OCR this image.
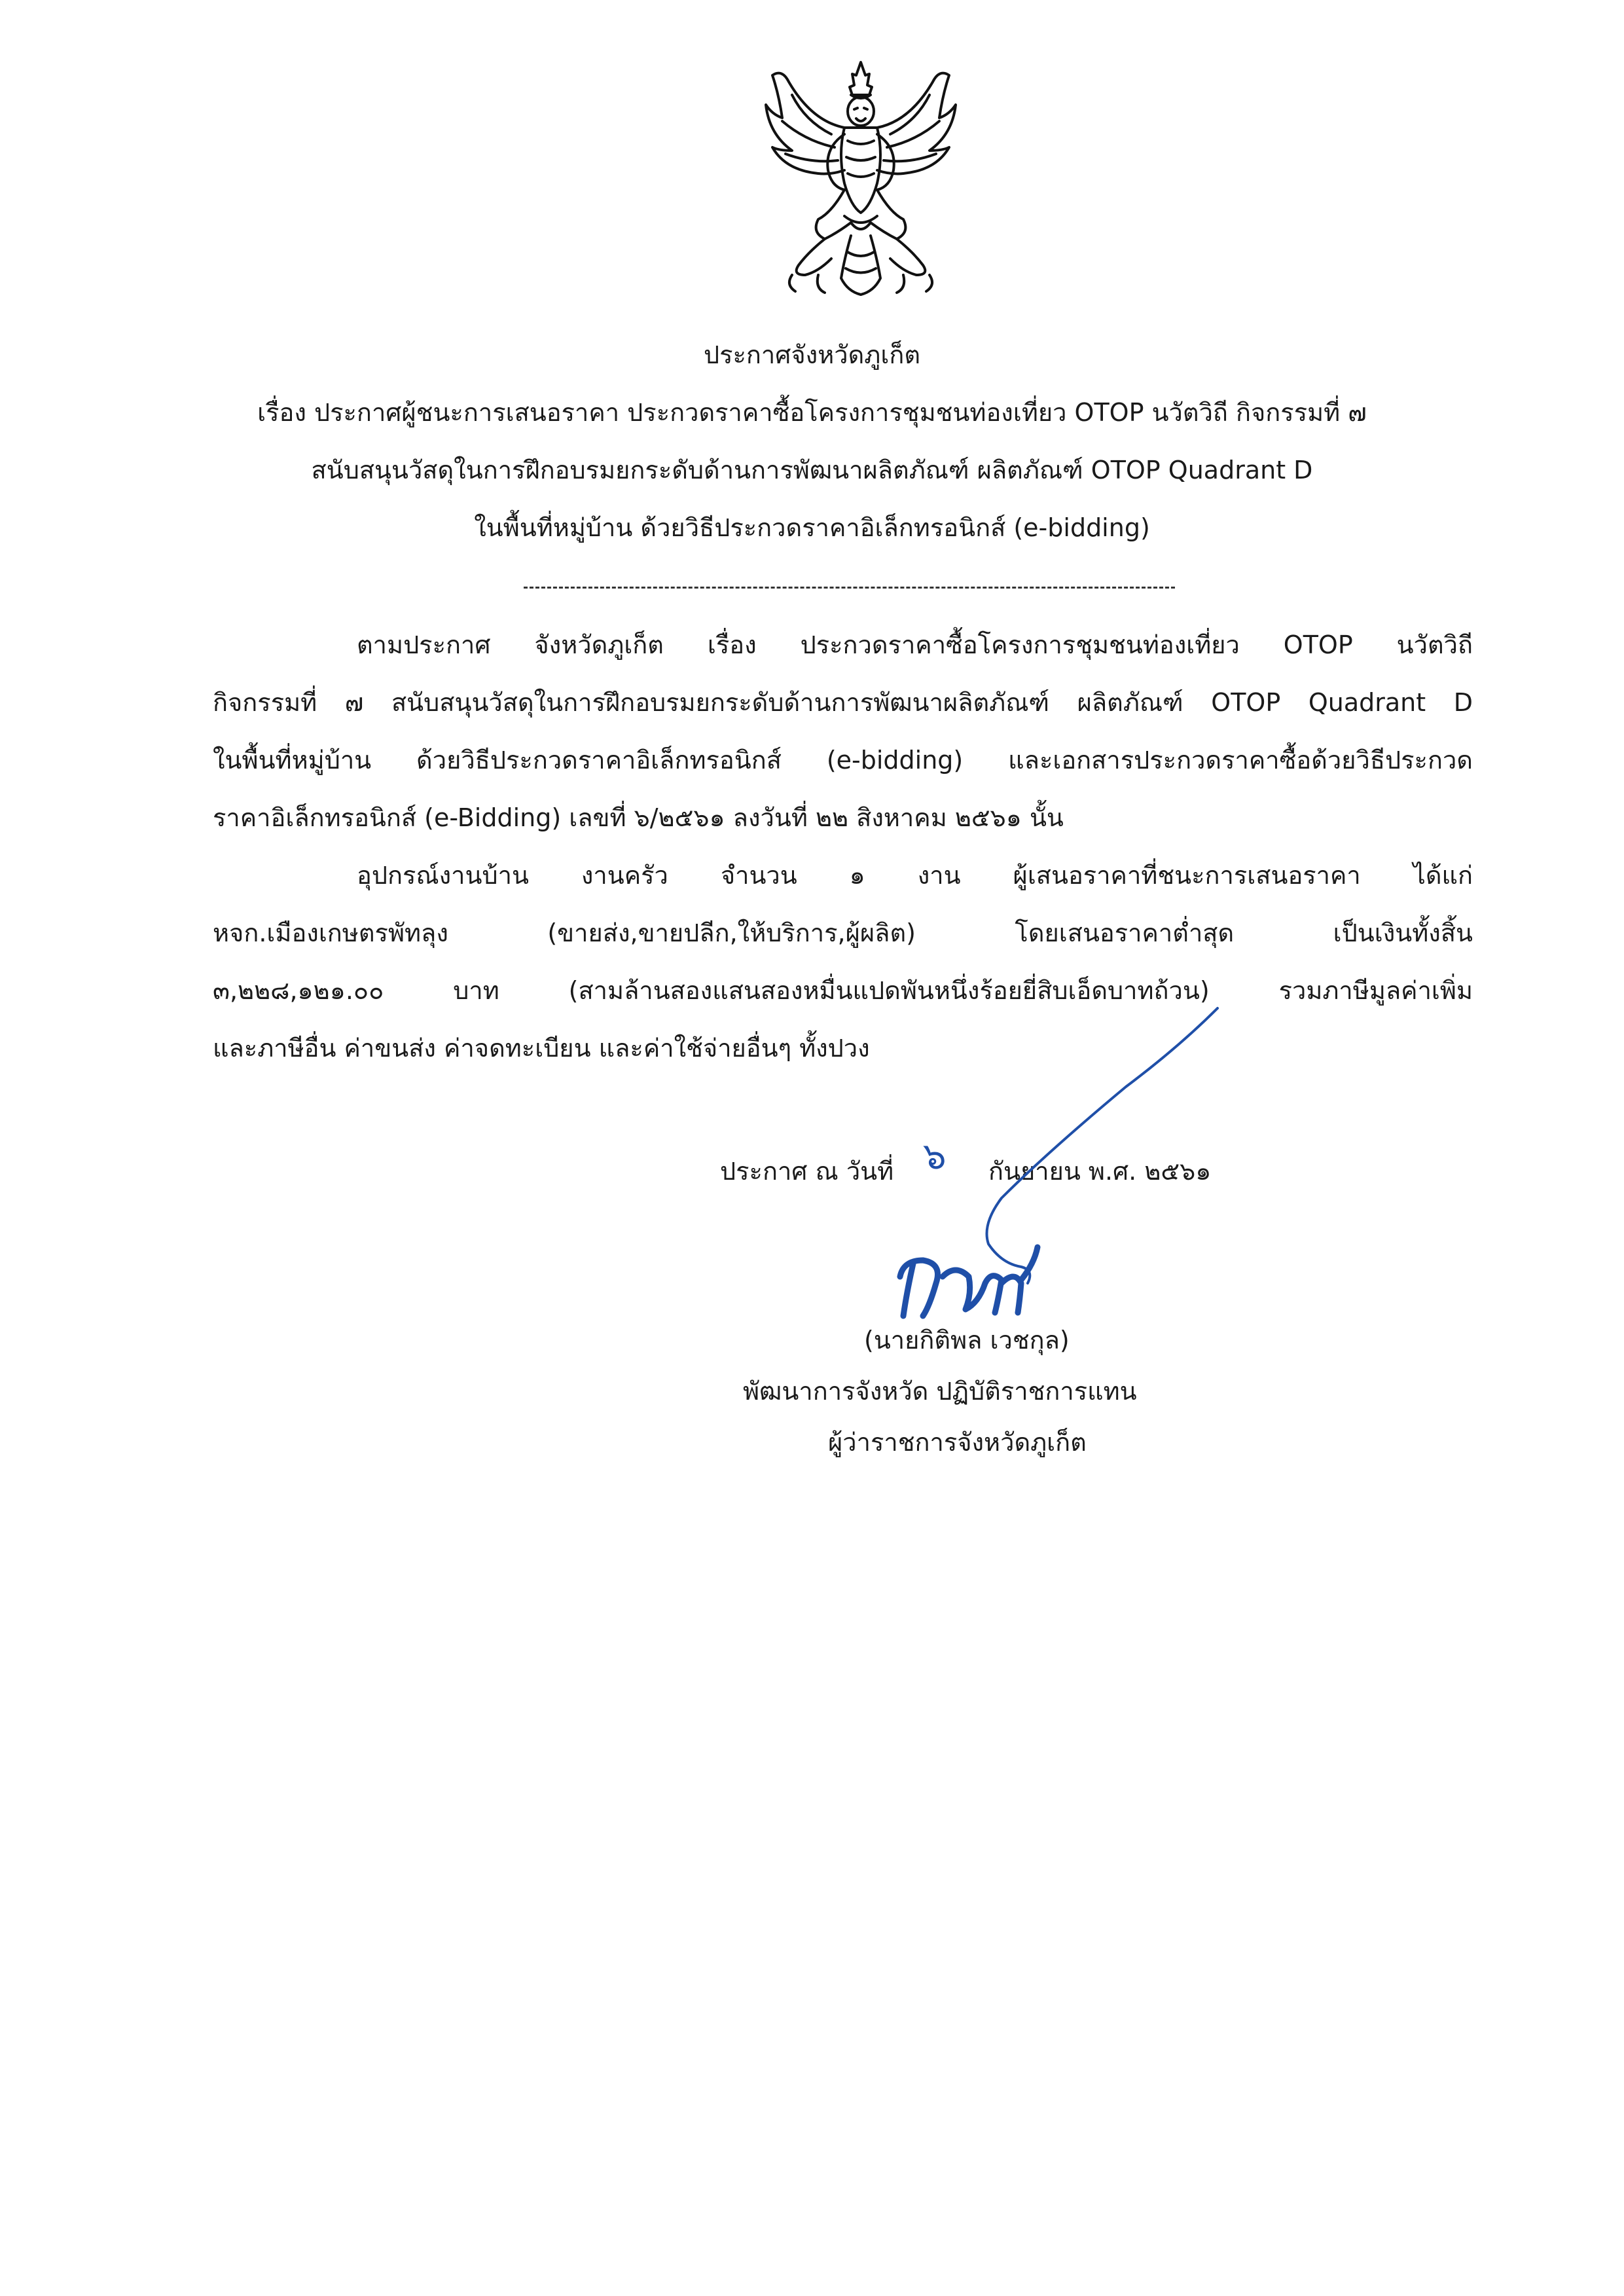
ประกาศจังหวัดภูเก็ต
เรื่อง ประกาศผู้ชนะการเสนอราคา ประกวดราคาซื้อโครงการชุมชนท่องเที่ยว OTOP นวัตวิถี กิจกรรมที่ ๗
สนับสนุนวัสดุในการฝึกอบรมยกระดับด้านการพัฒนาผลิตภัณฑ์ ผลิตภัณฑ์ OTOP Quadrant D
ในพื้นที่หมู่บ้าน ด้วยวิธีประกวดราคาอิเล็กทรอนิกส์ (e-bidding)
ตามประกาศ จังหวัดภูเก็ต เรื่อง ประกวดราคาซื้อโครงการชุมชนท่องเที่ยว OTOP นวัตวิถี
กิจกรรมที่ ๗ สนับสนุนวัสดุในการฝึกอบรมยกระดับด้านการพัฒนาผลิตภัณฑ์ ผลิตภัณฑ์ OTOP Quadrant D
ในพื้นที่หมู่บ้าน ด้วยวิธีประกวดราคาอิเล็กทรอนิกส์ (e-bidding) และเอกสารประกวดราคาซื้อด้วยวิธีประกวด
ราคาอิเล็กทรอนิกส์ (e-Bidding) เลขที่ ๖/๒๕๖๑ ลงวันที่ ๒๒ สิงหาคม ๒๕๖๑ นั้น
อุปกรณ์งานบ้าน งานครัว จำนวน ๑ งาน ผู้เสนอราคาที่ชนะการเสนอราคา ได้แก่
หจก.เมืองเกษตรพัทลุง (ขายส่ง,ขายปลีก,ให้บริการ,ผู้ผลิต) โดยเสนอราคาต่ำสุด เป็นเงินทั้งสิ้น
๓,๒๒๘,๑๒๑.๐๐ บาท (สามล้านสองแสนสองหมื่นแปดพันหนึ่งร้อยยี่สิบเอ็ดบาทถ้วน) รวมภาษีมูลค่าเพิ่ม
และภาษีอื่น ค่าขนส่ง ค่าจดทะเบียน และค่าใช้จ่ายอื่นๆ ทั้งปวง
ประกาศ ณ วันที่ ๖ กันยายน พ.ศ. ๒๕๖๑
(นายกิติพล เวชกุล)
พัฒนาการจังหวัด ปฏิบัติราชการแทน
ผู้ว่าราชการจังหวัดภูเก็ต
